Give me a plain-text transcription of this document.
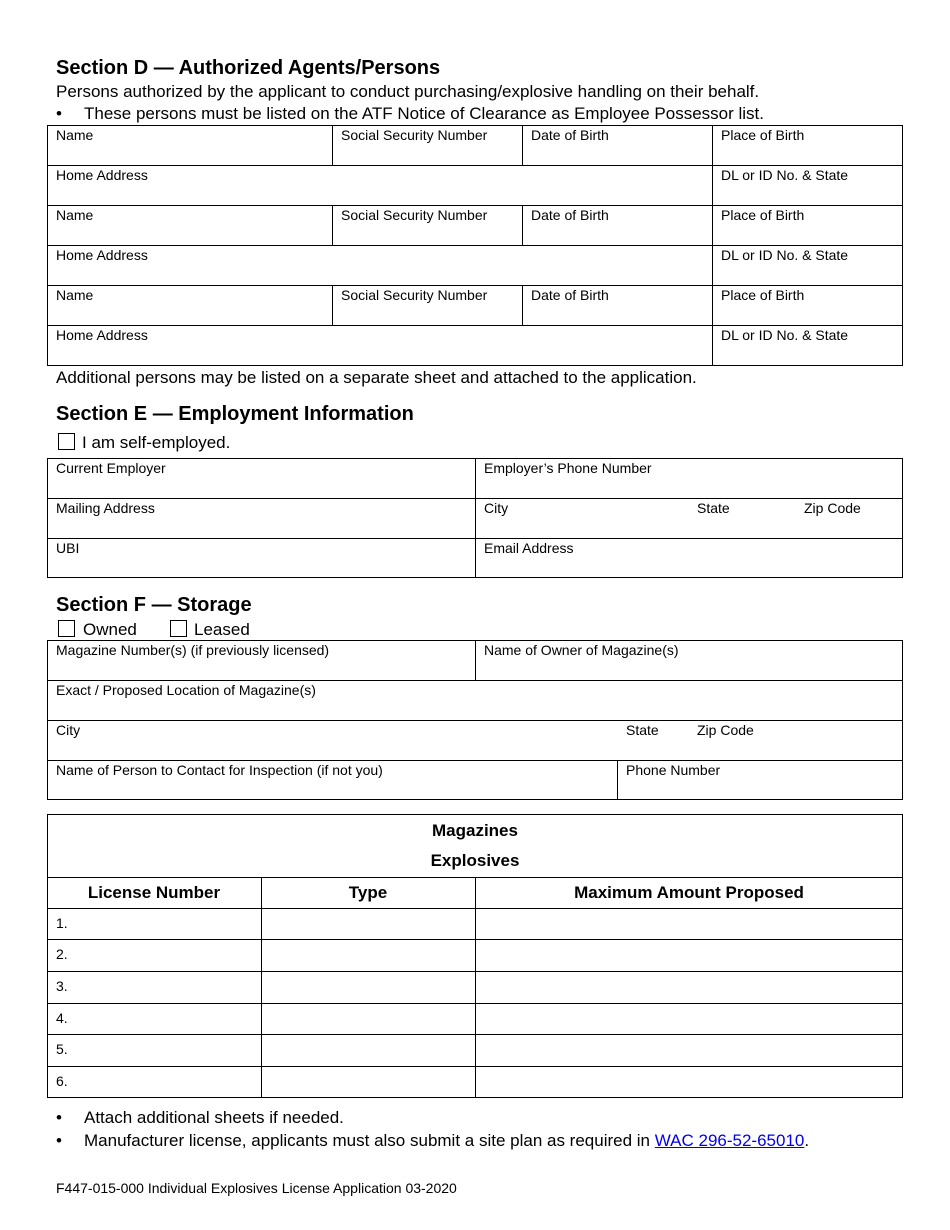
Section D — Authorized Agents/Persons
Persons authorized by the applicant to conduct purchasing/explosive handling on their behalf.
• These persons must be listed on the ATF Notice of Clearance as Employee Possessor list.
Name	Social Security Number	Date of Birth	Place of Birth
Home Address	DL or ID No. & State
Name	Social Security Number	Date of Birth	Place of Birth
Home Address	DL or ID No. & State
Name	Social Security Number	Date of Birth	Place of Birth
Home Address	DL or ID No. & State
Additional persons may be listed on a separate sheet and attached to the application.
Section E — Employment Information
I am self-employed.
Current Employer	Employer’s Phone Number
Mailing Address	City	State	Zip Code
UBI	Email Address
Section F — Storage
Owned	Leased
Magazine Number(s) (if previously licensed)	Name of Owner of Magazine(s)
Exact / Proposed Location of Magazine(s)
City	State	Zip Code
Name of Person to Contact for Inspection (if not you)	Phone Number
Magazines
Explosives
License Number	Type	Maximum Amount Proposed
1.
2.
3.
4.
5.
6.
• Attach additional sheets if needed.
• Manufacturer license, applicants must also submit a site plan as required in WAC 296-52-65010.
F447-015-000 Individual Explosives License Application 03-2020
